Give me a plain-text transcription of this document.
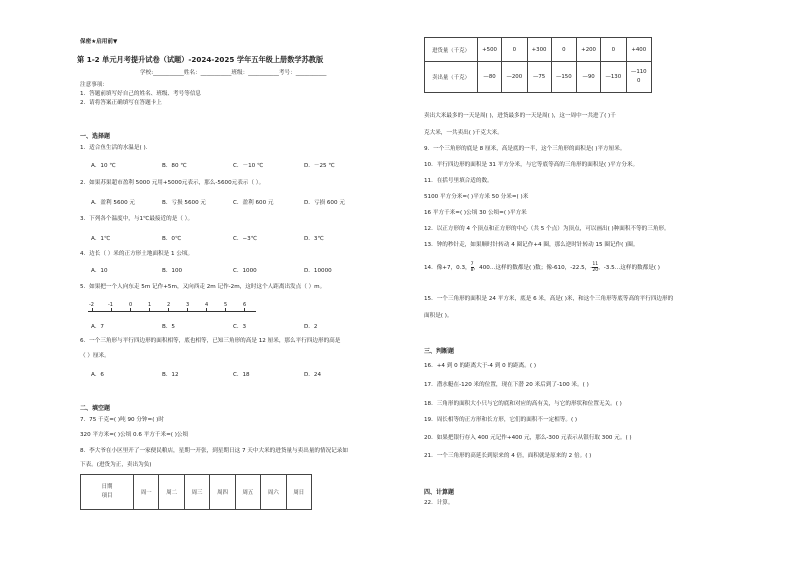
保密★启用前▼
第 1-2 单元月考提升试卷（试题）-2024-2025 学年五年级上册数学苏教版
学校:___________姓名：___________班级：___________考号：___________
注意事项：
1．答题前填写好自己的姓名、班级、考号等信息
2．请将答案正确填写在答题卡上
一、选择题
1．适合鱼生活的水温是( ).
A．10 ℃	B．80 ℃	C．－10 ℃	D．－25 ℃
2．如果苏果超市盈利 5000 元用+5000元表示，那么-5600元表示（ ）。
A．盈利 5600 元	B．亏损 5600 元	C．盈利 600 元	D．亏损 600 元
3．下列各个温度中，与1℃最接近的是（ ）。
A．1℃	B．0℃	C．−3℃	D．3℃
4．边长（ ）米的正方形土地面积是 1 公顷。
A．10	B．100	C．1000	D．10000
5．如果把一个人向东走 5m 记作+5m，又向西走 2m 记作-2m，这时这个人距离出发点（ ）m。
-2	-1	0	1	2	3	4	5	6
A．7	B．5	C．3	D．2
6．一个三角形与平行四边形的面积相等，底也相等，已知三角形的高是 12 厘米，那么平行四边形的高是
（ ）厘米。
A．6	B．12	C．18	D．24
二、填空题
7．75 千克=( )吨 90 分钟=( )时
320 平方米=( )公顷 0.6 平方千米=( )公顷
8．李大爷在小区里开了一家便民粮店，星期一开张，到星期日这 7 天中大米的进货量与卖出量的情况记录如
下表。(进货为正，卖出为负)
日期
项目	周一	周二	周三	周四	周五	周六	周日
进货量（千克）	+500	0	+300	0	+200	0	+400
卖出量（千克）	—80	—200	—75	—150	—90	—130	—110
0
卖出大米最多的一天是周( )，进货最多的一天是周( )，这一周中一共进了( )千
克大米，一共卖出( )千克大米。
9．一个三角形的底是 8 厘米，高是底的一半，这个三角形的面积是( )平方厘米。
10．平行四边形的面积是 31 平方分米，与它等底等高的三角形的面积是( )平方分米。
11．在括号里填合适的数。
5100 平方分米=( )平方米 50 分米=( )米
16 平方千米=( )公顷 30 公顷=( )平方米
12．以正方形的 4 个顶点和正方形的中心（共 5 个点）为顶点，可以画出( )种面积不等的三角形。
13．钟的秒针走，如果顺时针转动 4 圈记作+4 圈，那么逆时针转动 15 圈记作( )圈。
14．像+7，0.3， $\frac{7}{8}$ ，400…这样的数都是( )数；像-610，-22.5，- $\frac{11}{20}$ ，-3.5…这样的数都是( )
15．一个三角形的面积是 24 平方米，底是 6 米，高是( )米，和这个三角形等底等高的平行四边形的
面积是( )。
三、判断题
16．+4 到 0 的距离大于-4 到 0 的距离。( )
17．潜水艇在-120 米的位置，现在下潜 20 米后到了-100 米。( )
18．三角形的面积大小只与它的底和对应的高有关，与它的形状和位置无关。( )
19．周长相等的正方形和长方形，它们的面积不一定相等。( )
20．如果把银行存入 400 元记作+400 元，那么-300 元表示从银行取 300 元。( )
21．一个三角形的高延长到原来的 4 倍，面积就是原来的 2 倍。( )
四、计算题
22．计算。
